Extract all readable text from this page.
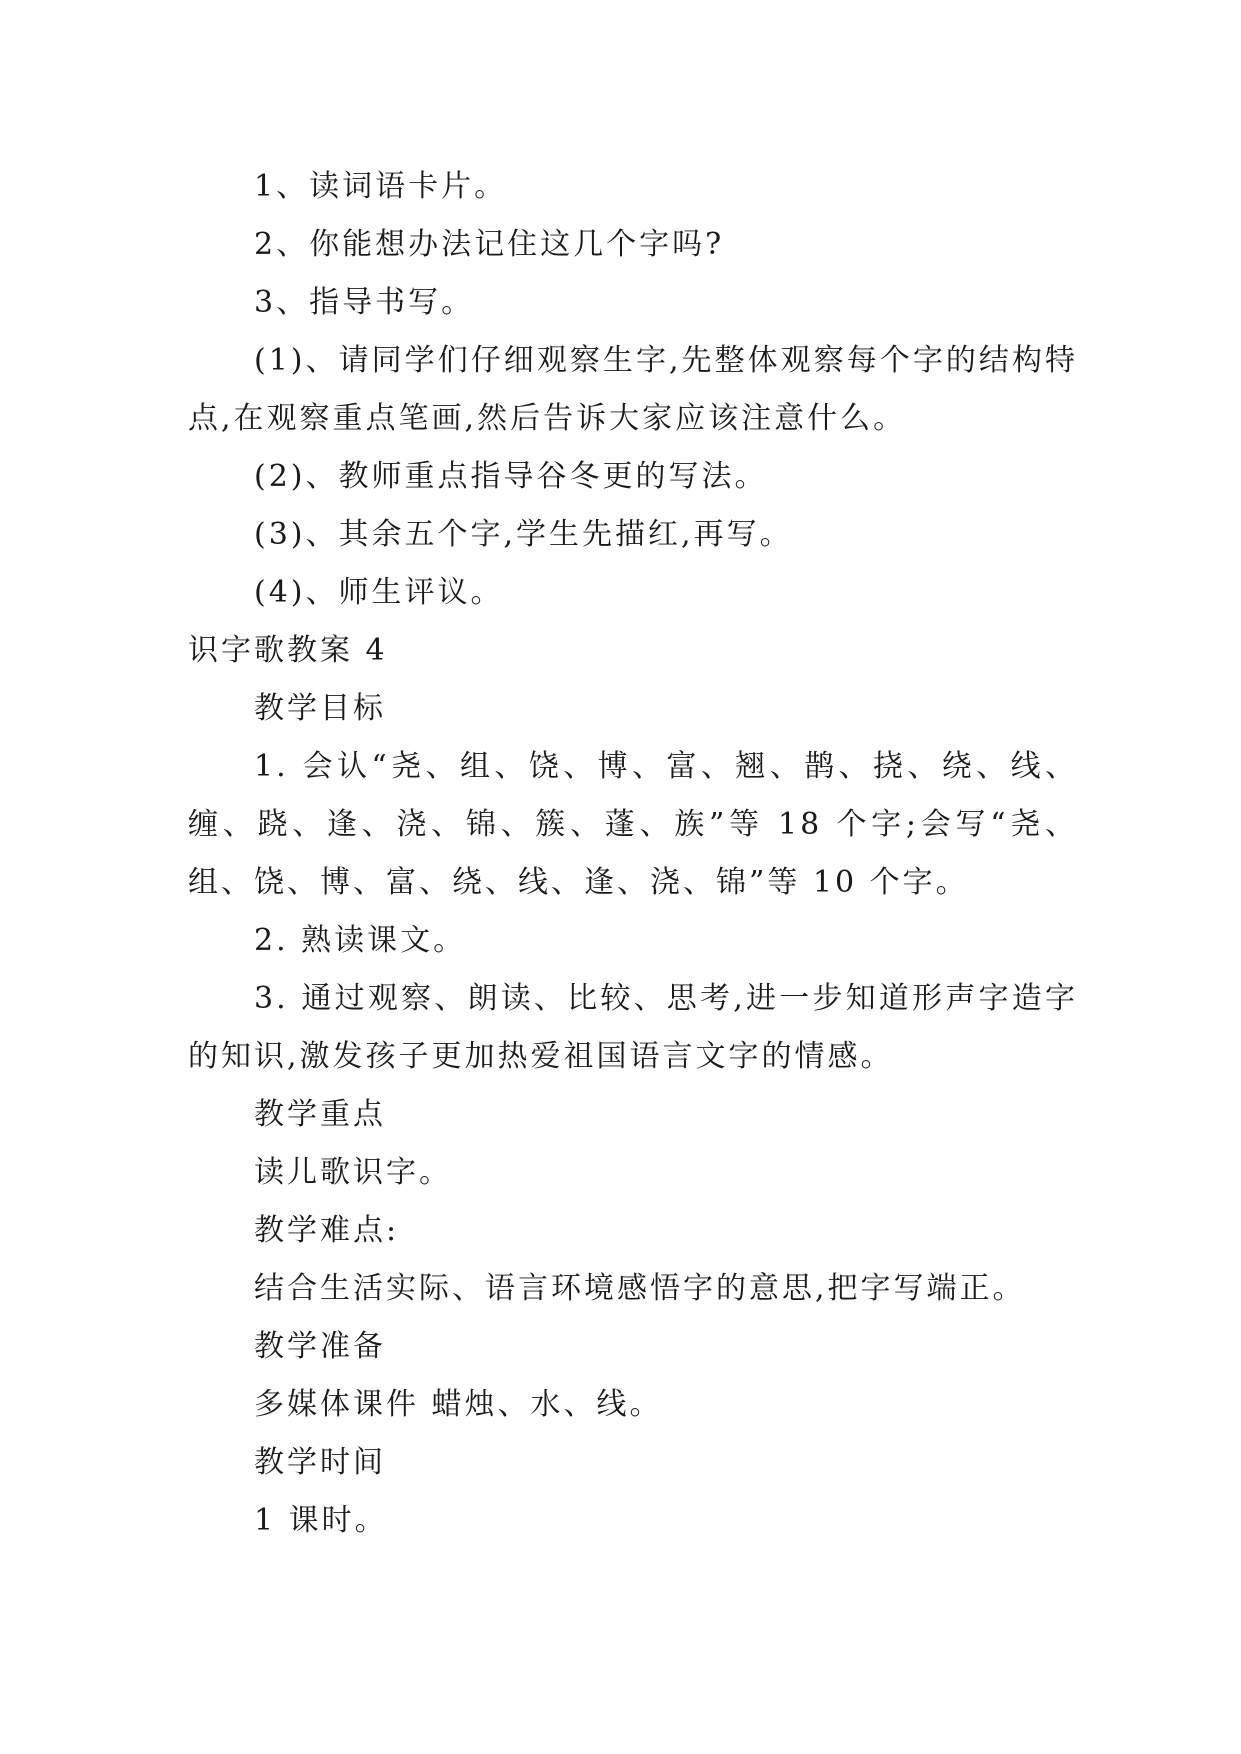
1、读词语卡片。

2、你能想办法记住这几个字吗?

3、指导书写。

(1)、请同学们仔细观察生字,先整体观察每个字的结构特点,在观察重点笔画,然后告诉大家应该注意什么。

(2)、教师重点指导谷冬更的写法。

(3)、其余五个字,学生先描红,再写。

(4)、师生评议。

识字歌教案 4

教学目标

1. 会认“尧、组、饶、博、富、翘、鹊、挠、绕、线、缠、跷、逢、浇、锦、簇、蓬、族”等 18 个字;会写“尧、组、饶、博、富、绕、线、逢、浇、锦”等 10 个字。

2. 熟读课文。

3. 通过观察、朗读、比较、思考,进一步知道形声字造字的知识,激发孩子更加热爱祖国语言文字的情感。

教学重点

读儿歌识字。

教学难点:

结合生活实际、语言环境感悟字的意思,把字写端正。

教学准备

多媒体课件 蜡烛、水、线。

教学时间

1 课时。
